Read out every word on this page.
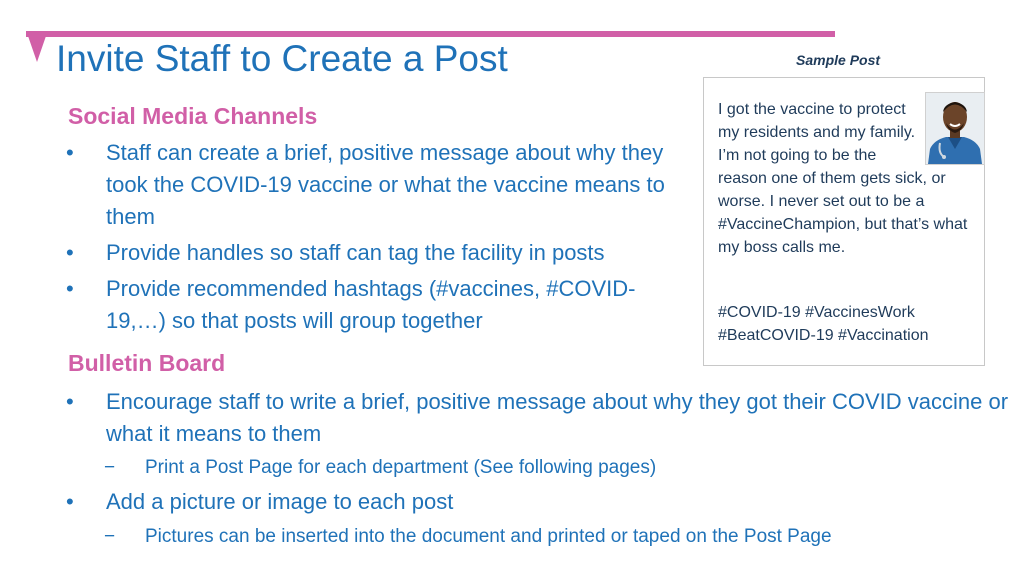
Invite Staff to Create a Post	Sample Post

I got the vaccine to protect my residents and my family. I’m not going to be the reason one of them gets sick, or worse. I never set out to be a #VaccineChampion, but that’s what my boss calls me.

#COVID-19 #VaccinesWork #BeatCOVID-19 #Vaccination

Social Media Channels

•	Staff can create a brief, positive message about why they took the COVID-19 vaccine or what the vaccine means to them

•	Provide handles so staff can tag the facility in posts

•	Provide recommended hashtags (#vaccines, #COVID-19,…) so that posts will group together

Bulletin Board

•	Encourage staff to write a brief, positive message about why they got their COVID vaccine or what it means to them

− Print a Post Page for each department (See following pages)

•	Add a picture or image to each post

− Pictures can be inserted into the document and printed or taped on the Post Page
